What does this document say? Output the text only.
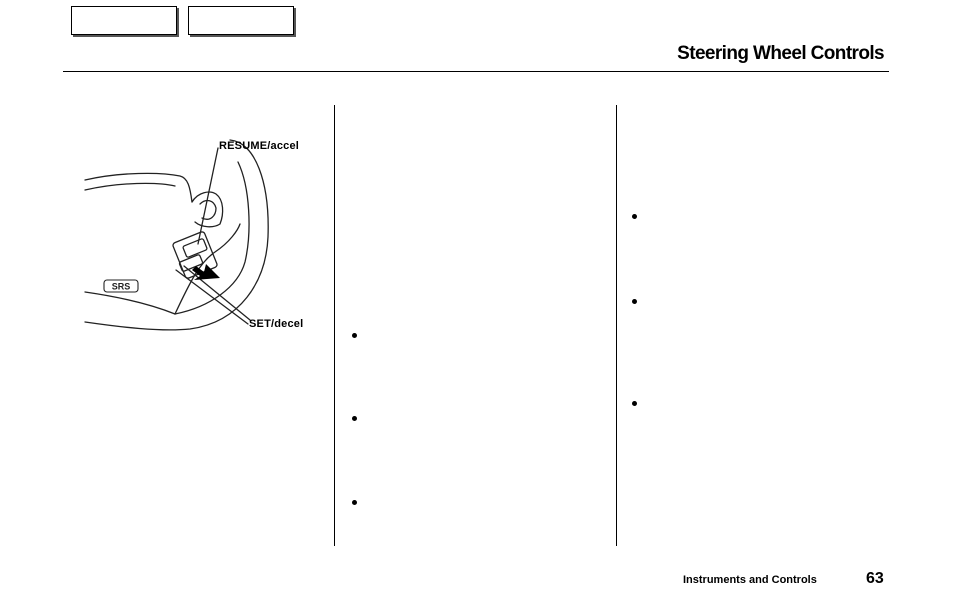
Steering Wheel Controls
SRS
RESUME/accel
SET/decel
Instruments and Controls	63
